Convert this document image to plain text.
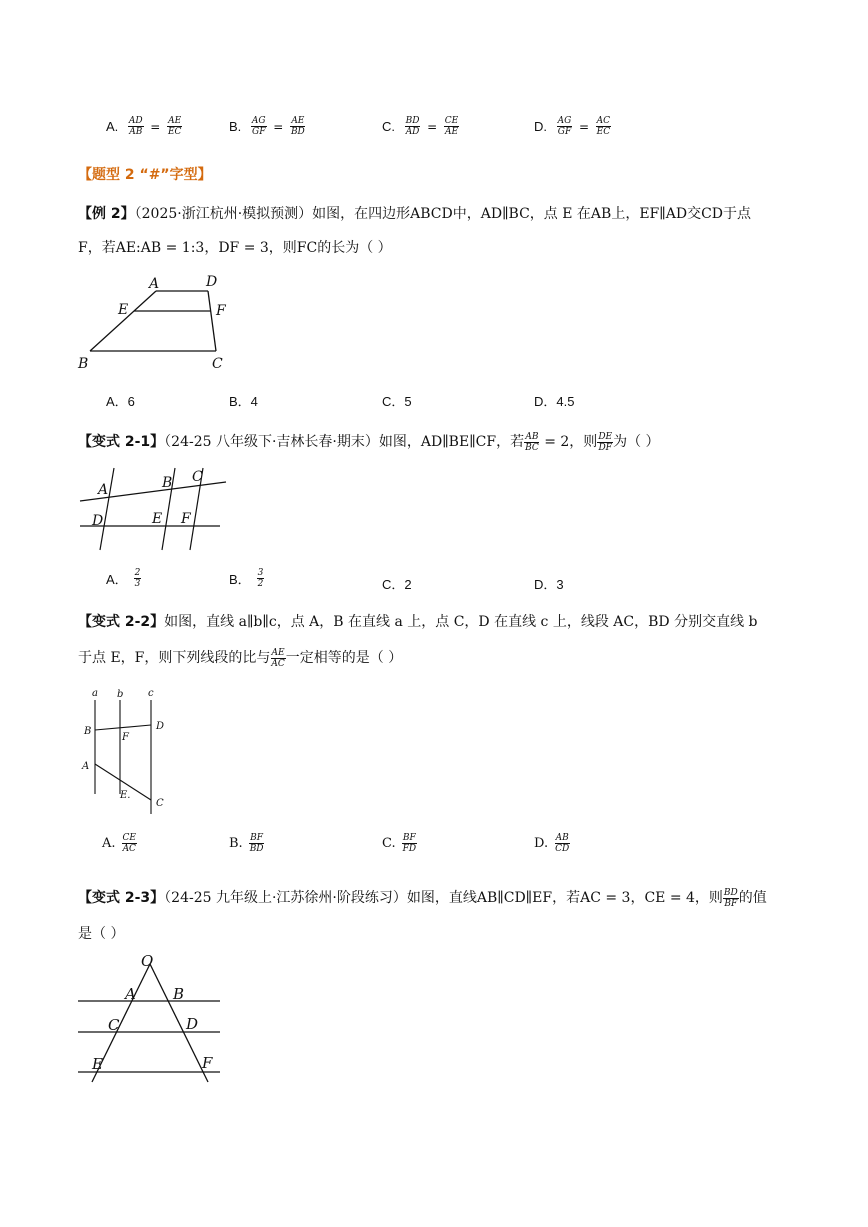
A. $\frac{AD}{AB} = \frac{AE}{EC}$	B. $\frac{AG}{GF} = \frac{AE}{BD}$	C. $\frac{BD}{AD} = \frac{CE}{AE}$	D. $\frac{AG}{GF} = \frac{AC}{EC}$
【题型 2 “#”字型】
【例 2】（2025·浙江杭州·模拟预测）如图，在四边形ABCD中，AD∥BC，点 E 在AB上，EF∥AD交CD于点
F，若AE:AB = 1:3，DF = 3，则FC的长为（ ）
A	D
E	F
B	C
A．6	B．4	C．5	D．4.5
【变式 2-1】（24-25 八年级下·吉林长春·期末）如图，AD∥BE∥CF，若 $\frac{AB}{BC} = 2$，则 $\frac{DE}{DF}$ 为（ ）
A	B C
D	E F
A． $\frac{2}{3}$	B． $\frac{3}{2}$	C．2	D．3
【变式 2-2】如图，直线 a∥b∥c，点 A，B 在直线 a 上，点 C，D 在直线 c 上，线段 AC，BD 分别交直线 b
于点 E，F，则下列线段的比与 $\frac{AE}{AC}$ 一定相等的是（ ）
a b c
B	D
F
A
E.
C
A. $\frac{CE}{AC}$	B. $\frac{BF}{BD}$	C. $\frac{BF}{FD}$	D. $\frac{AB}{CD}$
【变式 2-3】（24-25 九年级上·江苏徐州·阶段练习）如图，直线AB∥CD∥EF，若AC = 3，CE = 4，则 $\frac{BD}{BF}$ 的值
是（ ）
O
A B
C	D
E	F
